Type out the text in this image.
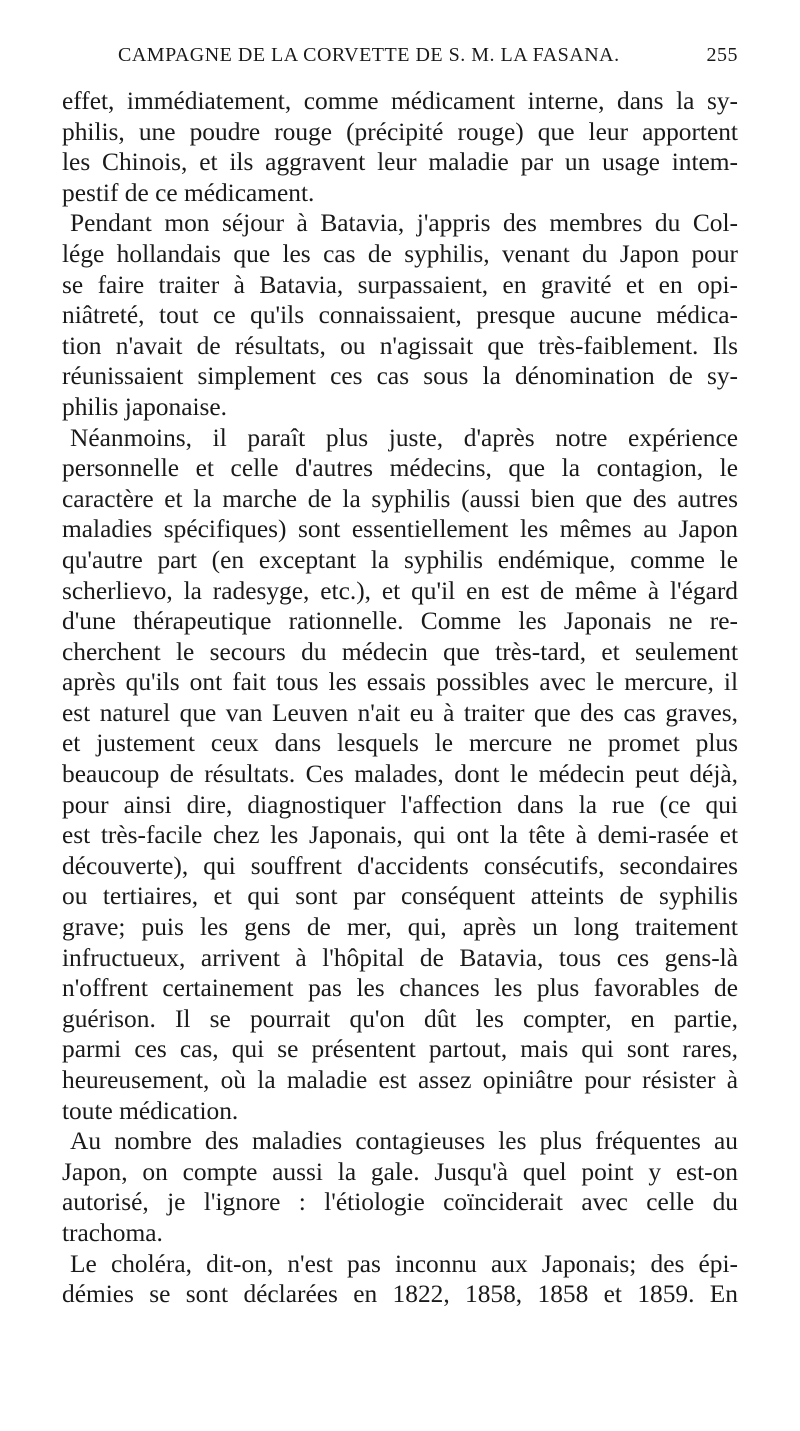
CAMPAGNE DE LA CORVETTE DE S. M. LA FASANA.	255
effet, immédiatement, comme médicament interne, dans la sy-
philis, une poudre rouge (précipité rouge) que leur apportent
les Chinois, et ils aggravent leur maladie par un usage intem-
pestif de ce médicament.
Pendant mon séjour à Batavia, j'appris des membres du Col-
lége hollandais que les cas de syphilis, venant du Japon pour
se faire traiter à Batavia, surpassaient, en gravité et en opi-
niâtreté, tout ce qu'ils connaissaient, presque aucune médica-
tion n'avait de résultats, ou n'agissait que très-faiblement. Ils
réunissaient simplement ces cas sous la dénomination de sy-
philis japonaise.
Néanmoins, il paraît plus juste, d'après notre expérience
personnelle et celle d'autres médecins, que la contagion, le
caractère et la marche de la syphilis (aussi bien que des autres
maladies spécifiques) sont essentiellement les mêmes au Japon
qu'autre part (en exceptant la syphilis endémique, comme le
scherlievo, la radesyge, etc.), et qu'il en est de même à l'égard
d'une thérapeutique rationnelle. Comme les Japonais ne re-
cherchent le secours du médecin que très-tard, et seulement
après qu'ils ont fait tous les essais possibles avec le mercure, il
est naturel que van Leuven n'ait eu à traiter que des cas graves,
et justement ceux dans lesquels le mercure ne promet plus
beaucoup de résultats. Ces malades, dont le médecin peut déjà,
pour ainsi dire, diagnostiquer l'affection dans la rue (ce qui
est très-facile chez les Japonais, qui ont la tête à demi-rasée et
découverte), qui souffrent d'accidents consécutifs, secondaires
ou tertiaires, et qui sont par conséquent atteints de syphilis
grave; puis les gens de mer, qui, après un long traitement
infructueux, arrivent à l'hôpital de Batavia, tous ces gens-là
n'offrent certainement pas les chances les plus favorables de
guérison. Il se pourrait qu'on dût les compter, en partie,
parmi ces cas, qui se présentent partout, mais qui sont rares,
heureusement, où la maladie est assez opiniâtre pour résister à
toute médication.
Au nombre des maladies contagieuses les plus fréquentes au
Japon, on compte aussi la gale. Jusqu'à quel point y est-on
autorisé, je l'ignore : l'étiologie coïnciderait avec celle du
trachoma.
Le choléra, dit-on, n'est pas inconnu aux Japonais; des épi-
démies se sont déclarées en 1822, 1858, 1858 et 1859. En
